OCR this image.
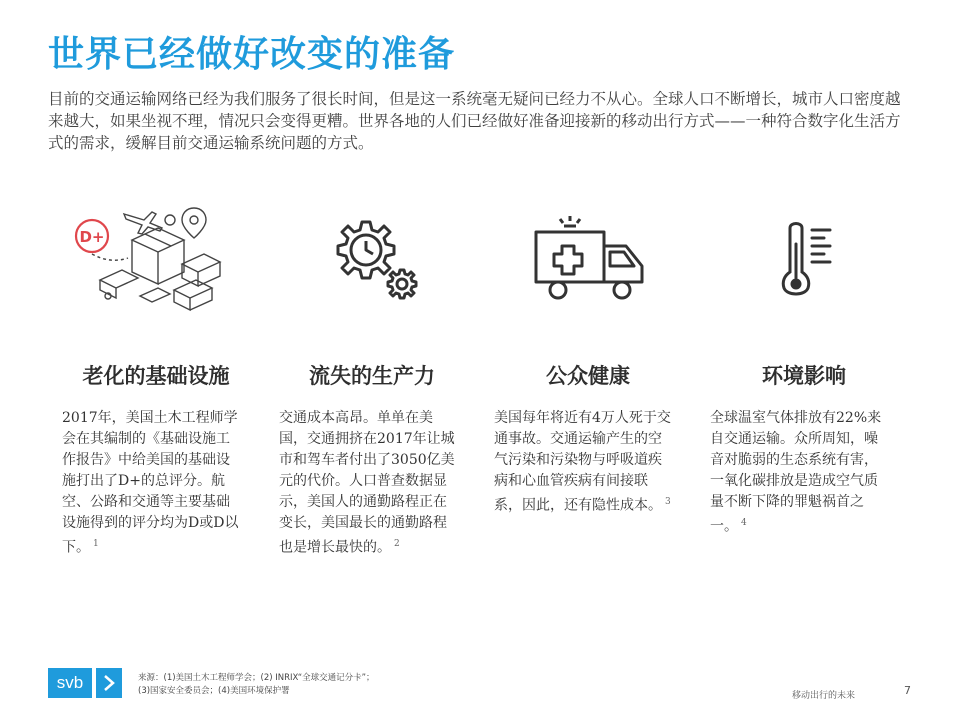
世界已经做好改变的准备

目前的交通运输网络已经为我们服务了很长时间，但是这一系统毫无疑问已经力不从心。全球人口不断增长，城市人口密度越来越大，如果坐视不理，情况只会变得更糟。世界各地的人们已经做好准备迎接新的移动出行方式——一种符合数字化生活方式的需求，缓解目前交通运输系统问题的方式。

D+
老化的基础设施	流失的生产力	公众健康	环境影响
2017年，美国土木工程师学会在其编制的《基础设施工作报告》中给美国的基础设施打出了D+的总评分。航空、公路和交通等主要基础设施得到的评分均为D或D以下。 $^1$
交通成本高昂。单单在美国，交通拥挤在2017年让城市和驾车者付出了3050亿美元的代价。人口普查数据显示，美国人的通勤路程正在变长，美国最长的通勤路程也是增长最快的。 $^2$
美国每年将近有4万人死于交通事故。交通运输产生的空气污染和污染物与呼吸道疾病和心血管疾病有间接联系，因此，还有隐性成本。 $^3$
全球温室气体排放有22%来自交通运输。众所周知，噪音对脆弱的生态系统有害，一氧化碳排放是造成空气质量不断下降的罪魁祸首之一。 $^4$
svb	来源：(1)美国土木工程师学会；(2) INRIX“全球交通记分卡”；
(3)国家安全委员会；(4)美国环境保护署	移动出行的未来	7
